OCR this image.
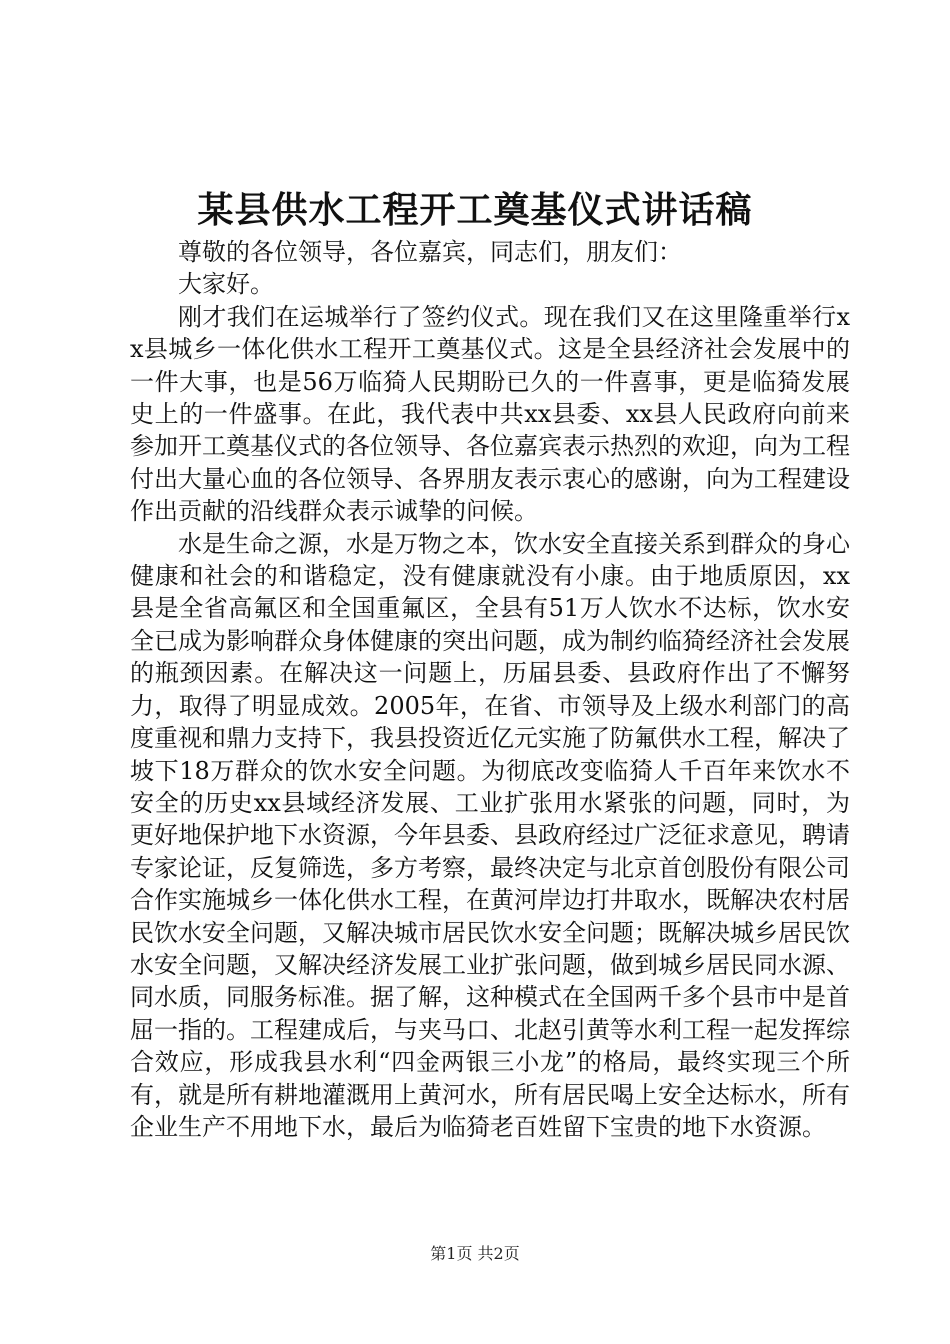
某县供水工程开工奠基仪式讲话稿

尊敬的各位领导，各位嘉宾，同志们，朋友们：

大家好。

刚才我们在运城举行了签约仪式。现在我们又在这里隆重举行xx县城乡一体化供水工程开工奠基仪式。这是全县经济社会发展中的一件大事，也是56万临猗人民期盼已久的一件喜事，更是临猗发展史上的一件盛事。在此，我代表中共xx县委、xx县人民政府向前来参加开工奠基仪式的各位领导、各位嘉宾表示热烈的欢迎，向为工程付出大量心血的各位领导、各界朋友表示衷心的感谢，向为工程建设作出贡献的沿线群众表示诚挚的问候。

水是生命之源，水是万物之本，饮水安全直接关系到群众的身心健康和社会的和谐稳定，没有健康就没有小康。由于地质原因，xx县是全省高氟区和全国重氟区，全县有51万人饮水不达标，饮水安全已成为影响群众身体健康的突出问题，成为制约临猗经济社会发展的瓶颈因素。在解决这一问题上，历届县委、县政府作出了不懈努力，取得了明显成效。2005年，在省、市领导及上级水利部门的高度重视和鼎力支持下，我县投资近亿元实施了防氟供水工程，解决了坡下18万群众的饮水安全问题。为彻底改变临猗人千百年来饮水不安全的历史xx县域经济发展、工业扩张用水紧张的问题，同时，为更好地保护地下水资源，今年县委、县政府经过广泛征求意见，聘请专家论证，反复筛选，多方考察，最终决定与北京首创股份有限公司合作实施城乡一体化供水工程，在黄河岸边打井取水，既解决农村居民饮水安全问题，又解决城市居民饮水安全问题；既解决城乡居民饮水安全问题，又解决经济发展工业扩张问题，做到城乡居民同水源、同水质，同服务标准。据了解，这种模式在全国两千多个县市中是首屈一指的。工程建成后，与夹马口、北赵引黄等水利工程一起发挥综合效应，形成我县水利“四金两银三小龙”的格局，最终实现三个所有，就是所有耕地灌溉用上黄河水，所有居民喝上安全达标水，所有企业生产不用地下水，最后为临猗老百姓留下宝贵的地下水资源。

第1页 共2页
